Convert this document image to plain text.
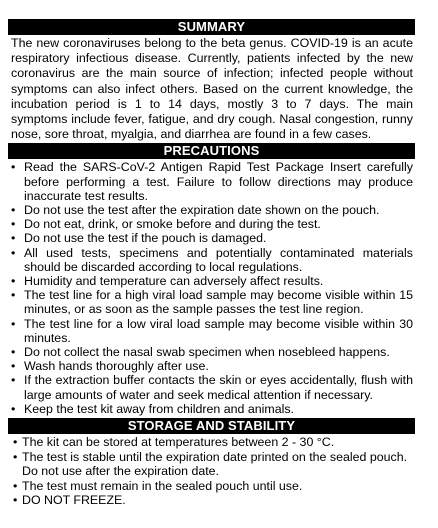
SUMMARY

The new coronaviruses belong to the beta genus. COVID-19 is an acute respiratory infectious disease. Currently, patients infected by the new coronavirus are the main source of infection; infected people without symptoms can also infect others. Based on the current knowledge, the incubation period is 1 to 14 days, mostly 3 to 7 days. The main symptoms include fever, fatigue, and dry cough. Nasal congestion, runny nose, sore throat, myalgia, and diarrhea are found in a few cases.

PRECAUTIONS
• Read the SARS-CoV-2 Antigen Rapid Test Package Insert carefully before performing a test. Failure to follow directions may produce inaccurate test results.
• Do not use the test after the expiration date shown on the pouch.
• Do not eat, drink, or smoke before and during the test.
• Do not use the test if the pouch is damaged.
• All used tests, specimens and potentially contaminated materials should be discarded according to local regulations.
• Humidity and temperature can adversely affect results.
• The test line for a high viral load sample may become visible within 15 minutes, or as soon as the sample passes the test line region.
• The test line for a low viral load sample may become visible within 30 minutes.
• Do not collect the nasal swab specimen when nosebleed happens.
• Wash hands thoroughly after use.
• If the extraction buffer contacts the skin or eyes accidentally, flush with large amounts of water and seek medical attention if necessary.
• Keep the test kit away from children and animals.
STORAGE AND STABILITY
• The kit can be stored at temperatures between 2 - 30 °C.
• The test is stable until the expiration date printed on the sealed pouch. Do not use after the expiration date.
• The test must remain in the sealed pouch until use.
• DO NOT FREEZE.
